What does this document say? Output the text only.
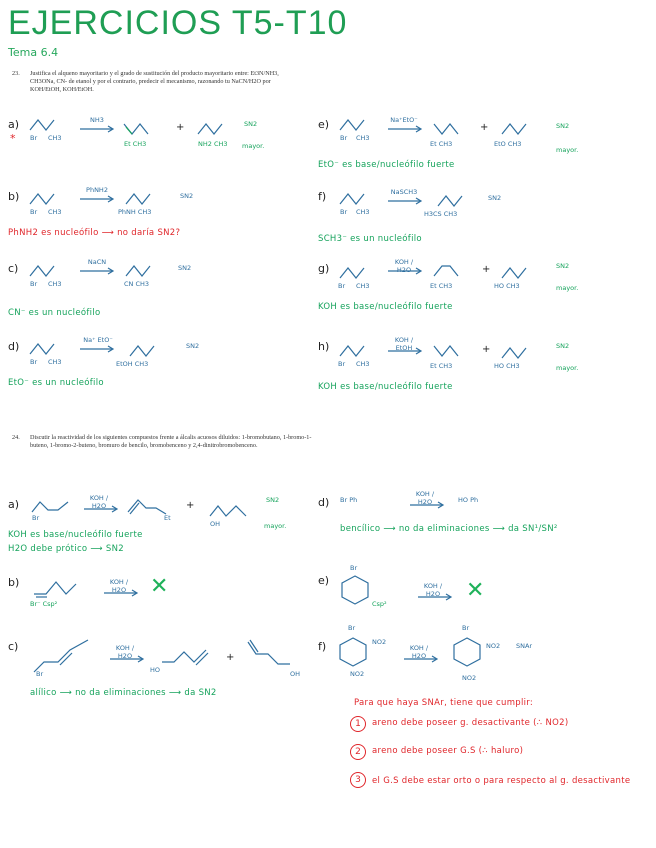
EJERCICIOS T5-T10
Tema 6.4
23.	Justifica el alqueno mayoritario y el grado de sustitución del producto mayoritario entre: Et3N/NH3, CH3ONa, CN- de etanol y por el contrario, predecir el mecanismo, razonando tu NaCN/H2O por KOH/EtOH, KOH/EtOH.
a)
* Br CH3
NH3
Et CH3
+
NH2 CH3
SN2
mayor.
b)
Br CH3
PhNH2
PhNH CH3
SN2
PhNH2 es nucleófilo ⟶ no daría SN2?
c)
Br CH3
NaCN
CN CH3
SN2
CN⁻ es un nucleófilo
d)
Br CH3
Na⁺ EtO⁻
EtOH CH3
SN2
EtO⁻ es un nucleófilo
e)
Br CH3
Na⁺EtO⁻
Et CH3
+
EtO CH3
SN2
mayor.
EtO⁻ es base/nucleófilo fuerte
f)
Br CH3
NaSCH3
H3CS CH3
SN2
SCH3⁻ es un nucleófilo
g)
Br CH3
KOH / H2O
Et CH3
+
HO CH3
SN2
mayor.
KOH es base/nucleófilo fuerte
h)
Br CH3
KOH / EtOH
Et CH3
+
HO CH3
SN2
mayor.
KOH es base/nucleófilo fuerte
24.	Discutir la reactividad de los siguientes compuestos frente a álcalis acuosos diluidos: 1-bromobutano, 1-bromo-1-buteno, 1-bromo-2-buteno, bromuro de bencilo, bromobenceno y 2,4-dinitrobromobenceno.
a)
Br
KOH / H2O
Et
+
OH
SN2
mayor.
KOH es base/nucleófilo fuerte
H2O debe prótico ⟶ SN2
b)
Br⁻ Csp²
KOH / H2O	✕
c)
Br
KOH / H2O
HO
+
OH
alílico ⟶ no da eliminaciones ⟶ da SN2
d) Br Ph
KOH / H2O	HO Ph
bencílico ⟶ no da eliminaciones ⟶ da SN¹/SN²
e)
Br
Csp²
KOH / H2O	✕
f)
Br
NO2
NO2
KOH / H2O
Br
NO2
NO2
SNAr
Para que haya SNAr, tiene que cumplir:
1	areno debe poseer g. desactivante (∴ NO2)
2	areno debe poseer G.S (∴ haluro)
3	el G.S debe estar orto o para respecto al g. desactivante
